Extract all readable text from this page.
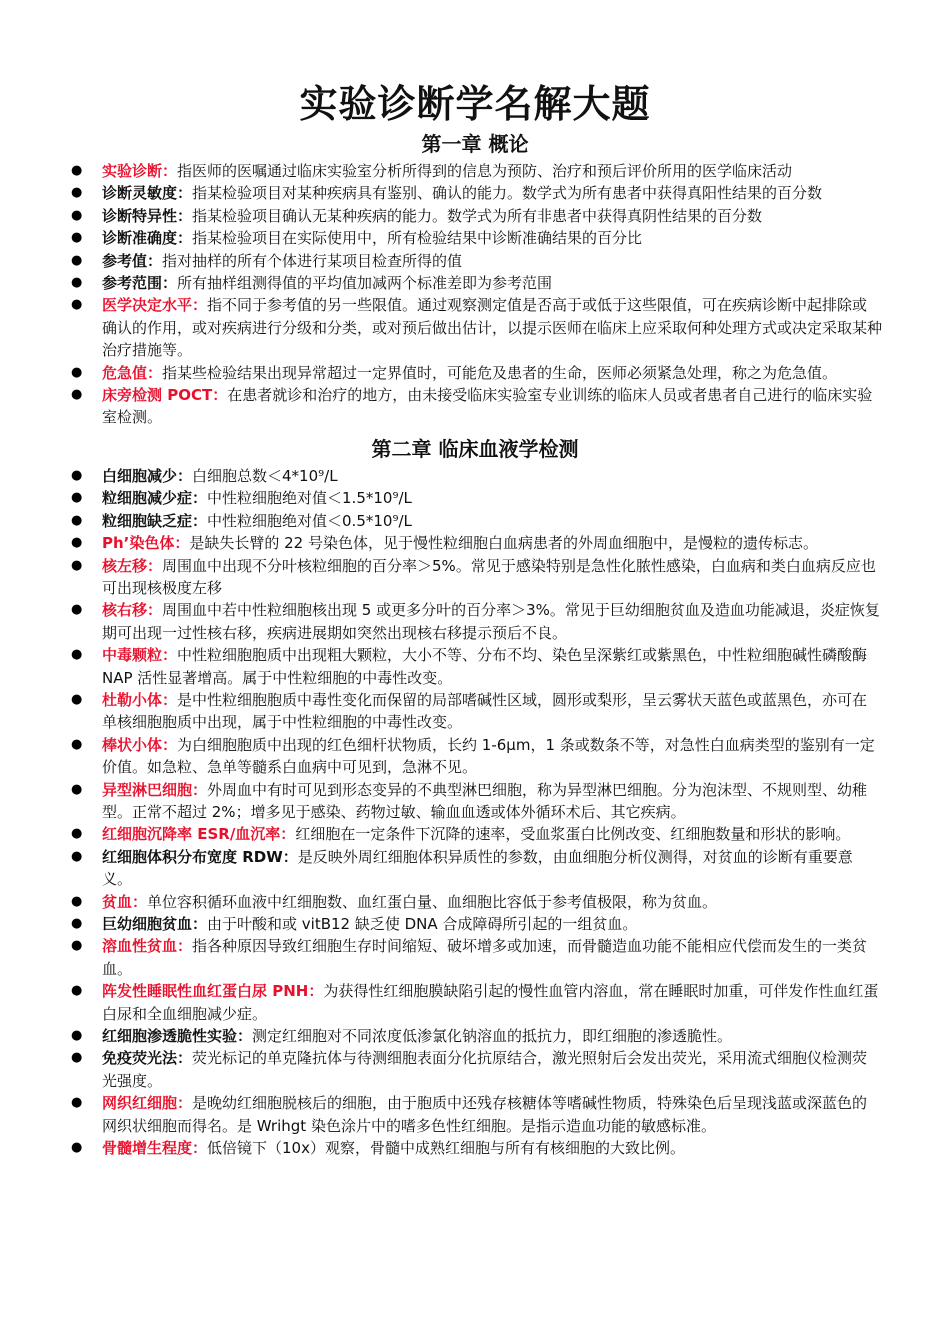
实验诊断学名解大题
第一章 概论
● 实验诊断：指医师的医嘱通过临床实验室分析所得到的信息为预防、治疗和预后评价所用的医学临床活动
● 诊断灵敏度：指某检验项目对某种疾病具有鉴别、确认的能力。数学式为所有患者中获得真阳性结果的百分数
● 诊断特异性：指某检验项目确认无某种疾病的能力。数学式为所有非患者中获得真阴性结果的百分数
● 诊断准确度：指某检验项目在实际使用中，所有检验结果中诊断准确结果的百分比
● 参考值：指对抽样的所有个体进行某项目检查所得的值
● 参考范围：所有抽样组测得值的平均值加减两个标准差即为参考范围
● 医学决定水平：指不同于参考值的另一些限值。通过观察测定值是否高于或低于这些限值，可在疾病诊断中起排除或确认的作用，或对疾病进行分级和分类，或对预后做出估计，以提示医师在临床上应采取何种处理方式或决定采取某种治疗措施等。
● 危急值：指某些检验结果出现异常超过一定界值时，可能危及患者的生命，医师必须紧急处理，称之为危急值。
● 床旁检测 POCT：在患者就诊和治疗的地方，由未接受临床实验室专业训练的临床人员或者患者自己进行的临床实验室检测。
第二章 临床血液学检测
● 白细胞减少：白细胞总数＜4*10⁹/L
● 粒细胞减少症：中性粒细胞绝对值＜1.5*10⁹/L
● 粒细胞缺乏症：中性粒细胞绝对值＜0.5*10⁹/L
● Ph’染色体：是缺失长臂的 22 号染色体，见于慢性粒细胞白血病患者的外周血细胞中，是慢粒的遗传标志。
● 核左移：周围血中出现不分叶核粒细胞的百分率＞5%。常见于感染特别是急性化脓性感染，白血病和类白血病反应也可出现核极度左移
● 核右移：周围血中若中性粒细胞核出现 5 或更多分叶的百分率＞3%。常见于巨幼细胞贫血及造血功能减退，炎症恢复期可出现一过性核右移，疾病进展期如突然出现核右移提示预后不良。
● 中毒颗粒：中性粒细胞胞质中出现粗大颗粒，大小不等、分布不均、染色呈深紫红或紫黑色，中性粒细胞碱性磷酸酶 NAP 活性显著增高。属于中性粒细胞的中毒性改变。
● 杜勒小体：是中性粒细胞胞质中毒性变化而保留的局部嗜碱性区域，圆形或梨形，呈云雾状天蓝色或蓝黑色，亦可在单核细胞胞质中出现，属于中性粒细胞的中毒性改变。
● 棒状小体：为白细胞胞质中出现的红色细杆状物质，长约 1-6μm，1 条或数条不等，对急性白血病类型的鉴别有一定价值。如急粒、急单等髓系白血病中可见到，急淋不见。
● 异型淋巴细胞：外周血中有时可见到形态变异的不典型淋巴细胞，称为异型淋巴细胞。分为泡沫型、不规则型、幼稚型。正常不超过 2%；增多见于感染、药物过敏、输血血透或体外循环术后、其它疾病。
● 红细胞沉降率 ESR/血沉率：红细胞在一定条件下沉降的速率，受血浆蛋白比例改变、红细胞数量和形状的影响。
● 红细胞体积分布宽度 RDW：是反映外周红细胞体积异质性的参数，由血细胞分析仪测得，对贫血的诊断有重要意义。
● 贫血：单位容积循环血液中红细胞数、血红蛋白量、血细胞比容低于参考值极限，称为贫血。
● 巨幼细胞贫血：由于叶酸和或 vitB12 缺乏使 DNA 合成障碍所引起的一组贫血。
● 溶血性贫血：指各种原因导致红细胞生存时间缩短、破坏增多或加速，而骨髓造血功能不能相应代偿而发生的一类贫血。
● 阵发性睡眠性血红蛋白尿 PNH：为获得性红细胞膜缺陷引起的慢性血管内溶血，常在睡眠时加重，可伴发作性血红蛋白尿和全血细胞减少症。
● 红细胞渗透脆性实验：测定红细胞对不同浓度低渗氯化钠溶血的抵抗力，即红细胞的渗透脆性。
● 免疫荧光法：荧光标记的单克隆抗体与待测细胞表面分化抗原结合，激光照射后会发出荧光，采用流式细胞仪检测荧光强度。
● 网织红细胞：是晚幼红细胞脱核后的细胞，由于胞质中还残存核糖体等嗜碱性物质，特殊染色后呈现浅蓝或深蓝色的网织状细胞而得名。是 Wrihgt 染色涂片中的嗜多色性红细胞。是指示造血功能的敏感标准。
● 骨髓增生程度：低倍镜下（10x）观察，骨髓中成熟红细胞与所有有核细胞的大致比例。
